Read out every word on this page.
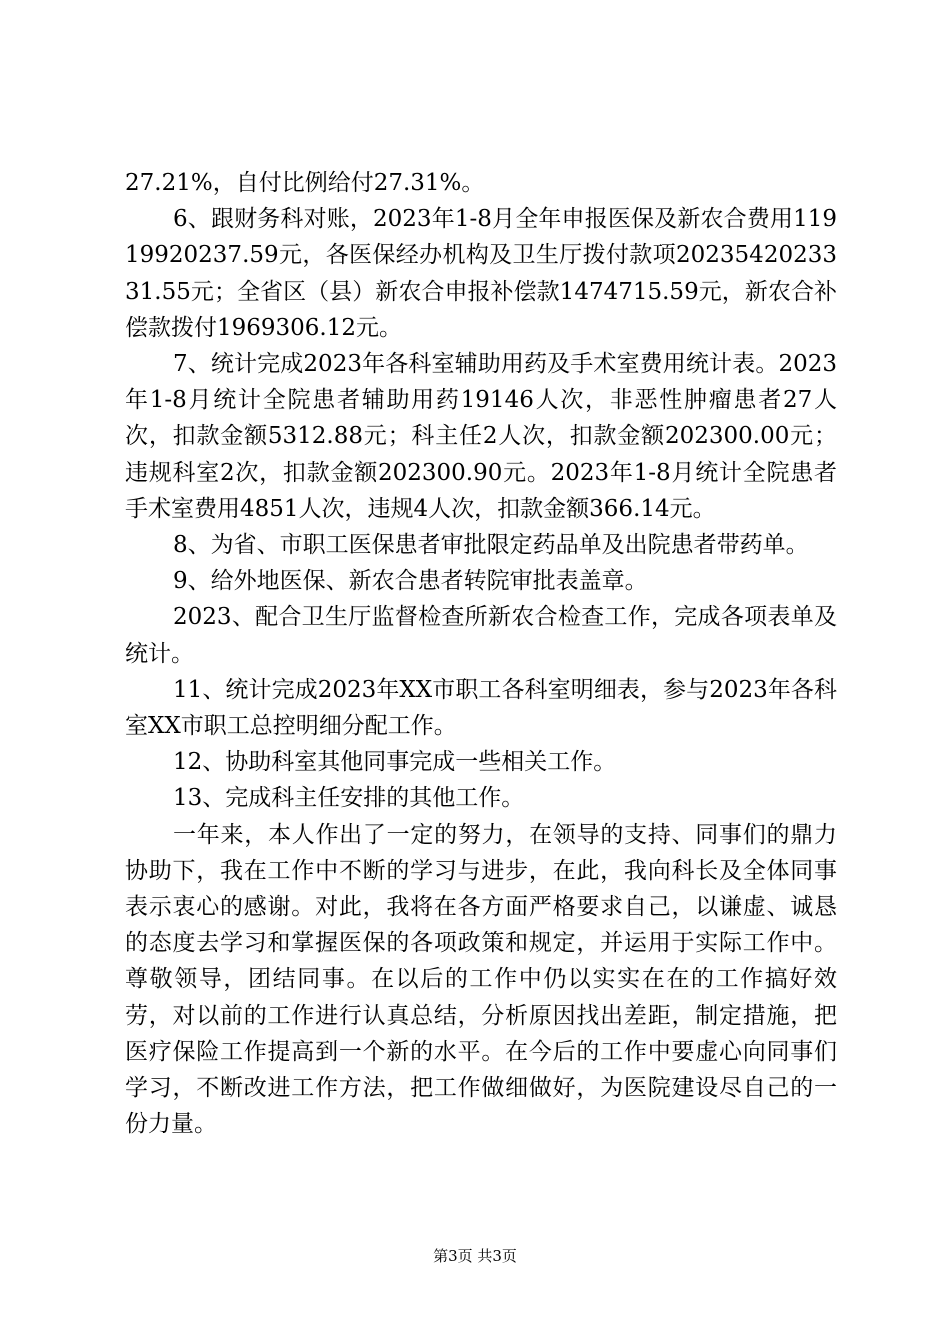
27.21%，自付比例给付27.31%。

6、跟财务科对账，2023年1-8月全年申报医保及新农合费用11919920237.59元，各医保经办机构及卫生厅拨付款项2023542023331.55元；全省区（县）新农合申报补偿款1474715.59元，新农合补偿款拨付1969306.12元。

7、统计完成2023年各科室辅助用药及手术室费用统计表。2023年1-8月统计全院患者辅助用药19146人次，非恶性肿瘤患者27人次，扣款金额5312.88元；科主任2人次，扣款金额202300.00元；违规科室2次，扣款金额202300.90元。2023年1-8月统计全院患者手术室费用4851人次，违规4人次，扣款金额366.14元。

8、为省、市职工医保患者审批限定药品单及出院患者带药单。

9、给外地医保、新农合患者转院审批表盖章。

2023、配合卫生厅监督检查所新农合检查工作，完成各项表单及统计。

11、统计完成2023年XX市职工各科室明细表，参与2023年各科室XX市职工总控明细分配工作。

12、协助科室其他同事完成一些相关工作。

13、完成科主任安排的其他工作。

一年来，本人作出了一定的努力，在领导的支持、同事们的鼎力协助下，我在工作中不断的学习与进步，在此，我向科长及全体同事表示衷心的感谢。对此，我将在各方面严格要求自己，以谦虚、诚恳的态度去学习和掌握医保的各项政策和规定，并运用于实际工作中。尊敬领导，团结同事。在以后的工作中仍以实实在在的工作搞好效劳，对以前的工作进行认真总结，分析原因找出差距，制定措施，把医疗保险工作提高到一个新的水平。在今后的工作中要虚心向同事们学习，不断改进工作方法，把工作做细做好，为医院建设尽自己的一份力量。

第3页 共3页
